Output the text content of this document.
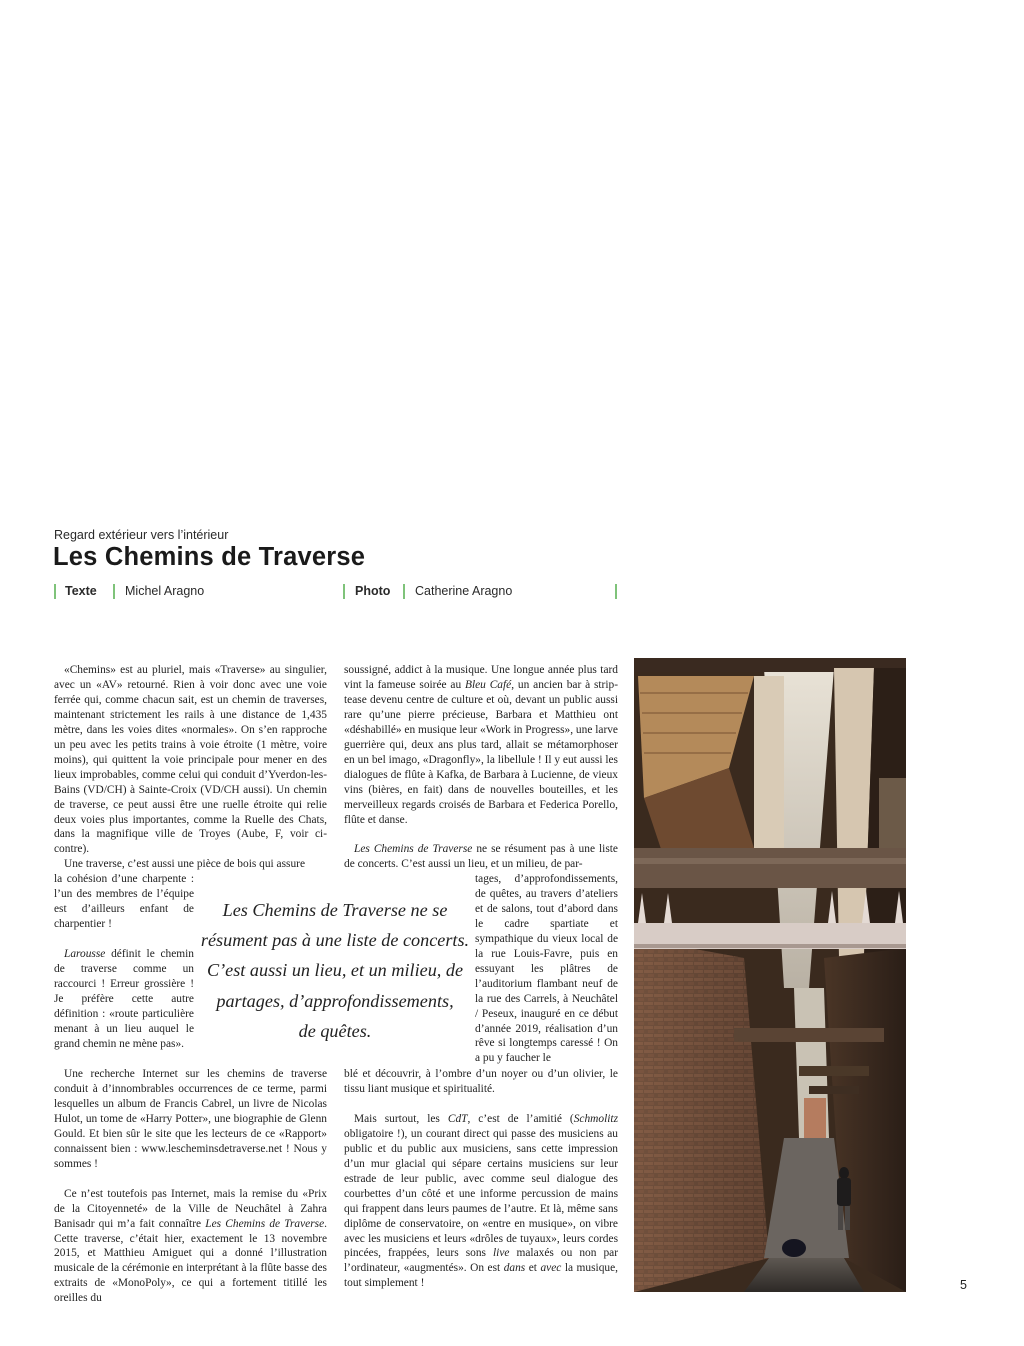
Regard extérieur vers l’intérieur
Les Chemins de Traverse
Texte Michel Aragno	Photo Catherine Aragno

«Chemins» est au pluriel, mais «Traverse» au singulier, avec un «AV» retourné. Rien à voir donc avec une voie ferrée qui, comme chacun sait, est un chemin de traverses, maintenant strictement les rails à une distance de 1,435 mètre, dans les voies dites «normales». On s’en rapproche un peu avec les petits trains à voie étroite (1 mètre, voire moins), qui quittent la voie principale pour mener en des lieux improbables, comme celui qui conduit d’Yverdon-les-Bains (VD/CH) à Sainte-Croix (VD/CH aussi). Un chemin de traverse, ce peut aussi être une ruelle étroite qui relie deux voies plus importantes, comme la Ruelle des Chats, dans la magnifique ville de Troyes (Aube, F, voir ci-contre).

Une traverse, c’est aussi une pièce de bois qui assure

la cohésion d’une charpente : l’un des membres de l’équipe est d’ailleurs enfant de charpentier !

Larousse définit le chemin de traverse comme un raccourci ! Erreur grossière ! Je préfère cette autre définition : «route particulière menant à un lieu auquel le grand chemin ne mène pas».

Une recherche Internet sur les chemins de traverse conduit à d’innombrables occurrences de ce terme, parmi lesquelles un album de Francis Cabrel, un livre de Nicolas Hulot, un tome de «Harry Potter», une biographie de Glenn Gould. Et bien sûr le site que les lecteurs de ce «Rapport» connaissent bien : www.lescheminsdetraverse.net ! Nous y sommes !

Ce n’est toutefois pas Internet, mais la remise du «Prix de la Citoyenneté» de la Ville de Neuchâtel à Zahra Banisadr qui m’a fait connaître Les Chemins de Traverse. Cette traverse, c’était hier, exactement le 13 novembre 2015, et Matthieu Amiguet qui a donné l’illustration musicale de la cérémonie en interprétant à la flûte basse des extraits de «MonoPoly», ce qui a fortement titillé les oreilles du

soussigné, addict à la musique. Une longue année plus tard vint la fameuse soirée au Bleu Café, un ancien bar à strip-tease devenu centre de culture et où, devant un public aussi rare qu’une pierre précieuse, Barbara et Matthieu ont «déshabillé» en musique leur «Work in Progress», une larve guerrière qui, deux ans plus tard, allait se métamorphoser en un bel imago, «Dragonfly», la libellule ! Il y eut aussi les dialogues de flûte à Kafka, de Barbara à Lucienne, de vieux vins (bières, en fait) dans de nouvelles bouteilles, et les merveilleux regards croisés de Barbara et Federica Porello, flûte et danse.

Les Chemins de Traverse ne se résument pas à une liste de concerts. C’est aussi un lieu, et un milieu, de par-

tages, d’approfondissements, de quêtes, au travers d’ateliers et de salons, tout d’abord dans le cadre spartiate et sympathique du vieux local de la rue Louis-Favre, puis en essuyant les plâtres de l’auditorium flambant neuf de la rue des Carrels, à Neuchâtel / Peseux, inauguré en ce début d’année 2019, réalisation d’un rêve si longtemps caressé ! On a pu y faucher le

blé et découvrir, à l’ombre d’un noyer ou d’un olivier, le tissu liant musique et spiritualité.

Mais surtout, les CdT, c’est de l’amitié (Schmolitz obligatoire !), un courant direct qui passe des musiciens au public et du public aux musiciens, sans cette impression d’un mur glacial qui sépare certains musiciens sur leur estrade de leur public, avec comme seul dialogue des courbettes d’un côté et une informe percussion de mains qui frappent dans leurs paumes de l’autre. Et là, même sans diplôme de conservatoire, on «entre en musique», on vibre avec les musiciens et leurs «drôles de tuyaux», leurs cordes pincées, frappées, leurs sons live malaxés ou non par l’ordinateur, «augmentés». On est dans et avec la musique, tout simplement !

Les Chemins de Traverse ne se
résument pas à une liste de concerts.
C’est aussi un lieu, et un milieu, de
partages, d’approfondissements,
de quêtes.
5
